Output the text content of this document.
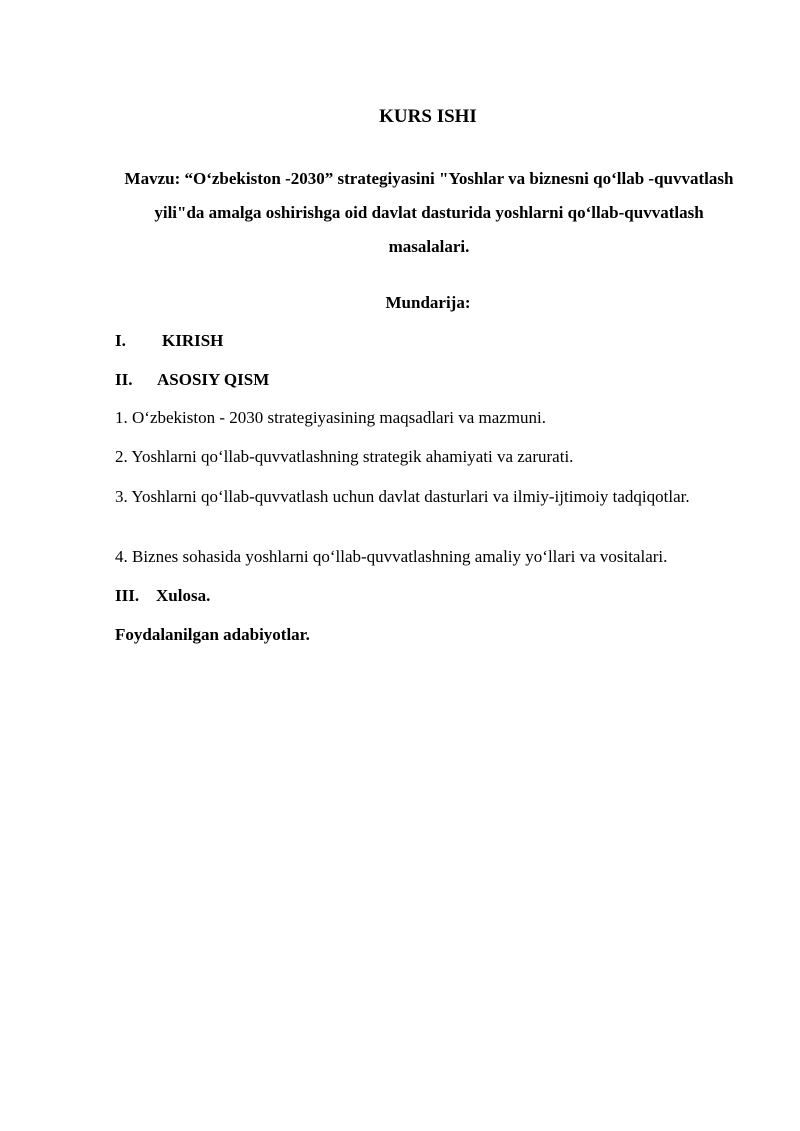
KURS ISHI

Mavzu: “O‘zbekiston -2030” strategiyasini "Yoshlar va biznesni qo‘llab -quvvatlash yili"da amalga oshirishga oid davlat dasturida yoshlarni qo‘llab-quvvatlash masalalari.

Mundarija:
I. KIRISH
II. ASOSIY QISM
1. O‘zbekiston - 2030 strategiyasining maqsadlari va mazmuni.
2. Yoshlarni qo‘llab-quvvatlashning strategik ahamiyati va zarurati.
3. Yoshlarni qo‘llab-quvvatlash uchun davlat dasturlari va ilmiy-ijtimoiy tadqiqotlar.
4. Biznes sohasida yoshlarni qo‘llab-quvvatlashning amaliy yo‘llari va vositalari.
III. Xulosa.
Foydalanilgan adabiyotlar.
